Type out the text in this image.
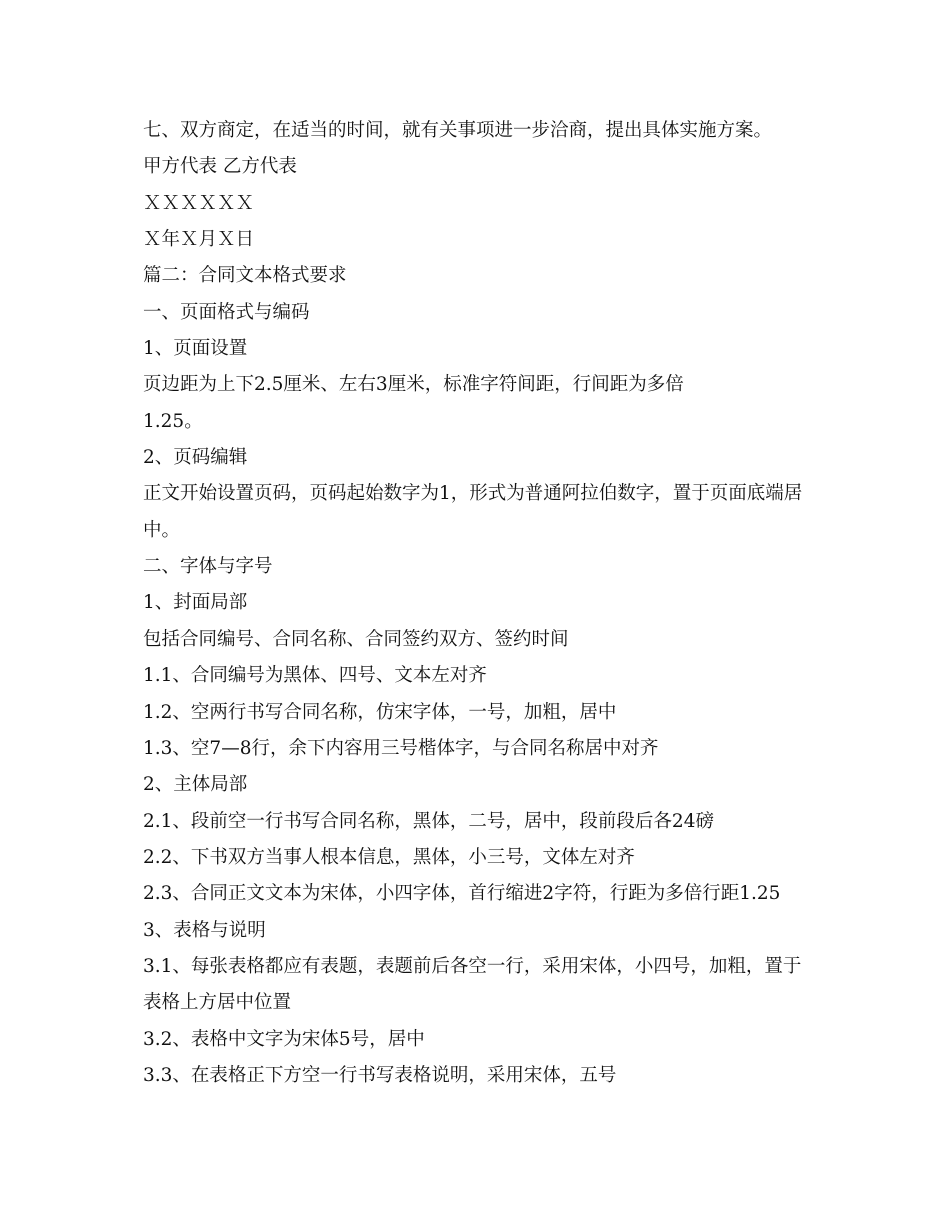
七、双方商定，在适当的时间，就有关事项进一步洽商，提出具体实施方案。
甲方代表 乙方代表
ＸＸＸＸＸＸ
Ｘ年Ｘ月Ｘ日
篇二：合同文本格式要求
一、页面格式与编码
1、页面设置
页边距为上下2.5厘米、左右3厘米，标准字符间距，行间距为多倍
1.25。
2、页码编辑
正文开始设置页码，页码起始数字为1，形式为普通阿拉伯数字，置于页面底端居
中。
二、字体与字号
1、封面局部
包括合同编号、合同名称、合同签约双方、签约时间
1.1、合同编号为黑体、四号、文本左对齐
1.2、空两行书写合同名称，仿宋字体，一号，加粗，居中
1.3、空7—8行，余下内容用三号楷体字，与合同名称居中对齐
2、主体局部
2.1、段前空一行书写合同名称，黑体，二号，居中，段前段后各24磅
2.2、下书双方当事人根本信息，黑体，小三号，文体左对齐
2.3、合同正文文本为宋体，小四字体，首行缩进2字符，行距为多倍行距1.25
3、表格与说明
3.1、每张表格都应有表题，表题前后各空一行，采用宋体，小四号，加粗，置于
表格上方居中位置
3.2、表格中文字为宋体5号，居中
3.3、在表格正下方空一行书写表格说明，采用宋体，五号
